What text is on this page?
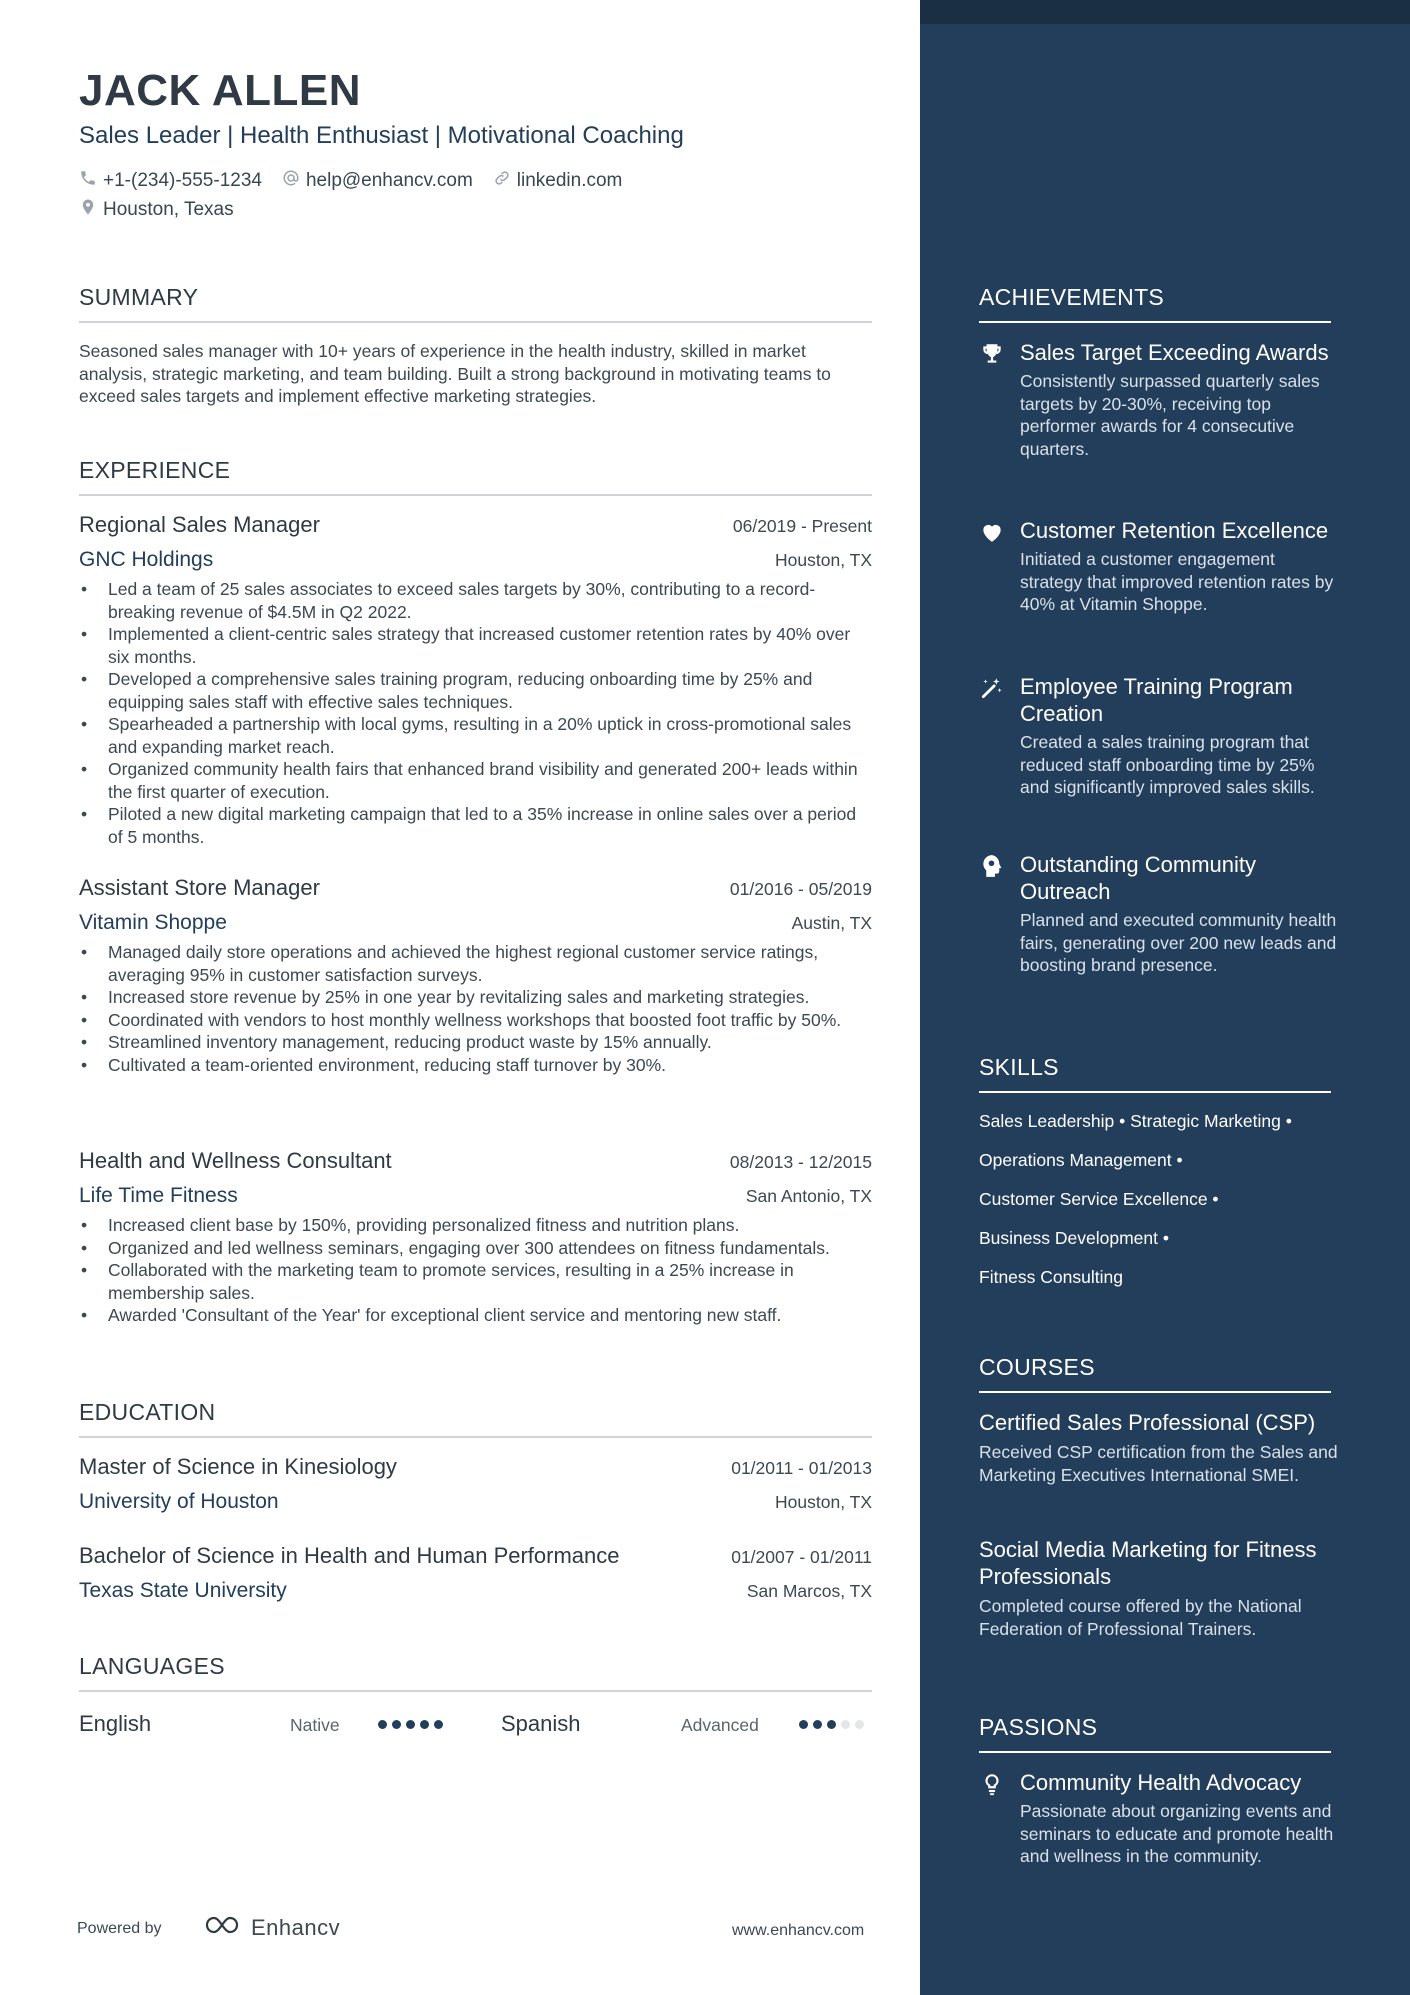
JACK ALLEN
Sales Leader | Health Enthusiast | Motivational Coaching
+1-(234)-555-1234 help@enhancv.com linkedin.com
Houston, Texas
SUMMARY
Seasoned sales manager with 10+ years of experience in the health industry, skilled in market analysis, strategic marketing, and team building. Built a strong background in motivating teams to exceed sales targets and implement effective marketing strategies.
EXPERIENCE
Regional Sales Manager	06/2019 - Present
GNC Holdings	Houston, TX
• Led a team of 25 sales associates to exceed sales targets by 30%, contributing to a record-breaking revenue of $4.5M in Q2 2022.
• Implemented a client-centric sales strategy that increased customer retention rates by 40% over six months.
• Developed a comprehensive sales training program, reducing onboarding time by 25% and equipping sales staff with effective sales techniques.
• Spearheaded a partnership with local gyms, resulting in a 20% uptick in cross-promotional sales and expanding market reach.
• Organized community health fairs that enhanced brand visibility and generated 200+ leads within the first quarter of execution.
• Piloted a new digital marketing campaign that led to a 35% increase in online sales over a period of 5 months.
Assistant Store Manager	01/2016 - 05/2019
Vitamin Shoppe	Austin, TX
• Managed daily store operations and achieved the highest regional customer service ratings, averaging 95% in customer satisfaction surveys.
• Increased store revenue by 25% in one year by revitalizing sales and marketing strategies.
• Coordinated with vendors to host monthly wellness workshops that boosted foot traffic by 50%.
• Streamlined inventory management, reducing product waste by 15% annually.
• Cultivated a team-oriented environment, reducing staff turnover by 30%.
Health and Wellness Consultant	08/2013 - 12/2015
Life Time Fitness	San Antonio, TX
• Increased client base by 150%, providing personalized fitness and nutrition plans.
• Organized and led wellness seminars, engaging over 300 attendees on fitness fundamentals.
• Collaborated with the marketing team to promote services, resulting in a 25% increase in membership sales.
• Awarded 'Consultant of the Year' for exceptional client service and mentoring new staff.
EDUCATION
Master of Science in Kinesiology	01/2011 - 01/2013
University of Houston	Houston, TX
Bachelor of Science in Health and Human Performance	01/2007 - 01/2011
Texas State University	San Marcos, TX
LANGUAGES
English	Native	Spanish	Advanced
Powered by	Enhancv	www.enhancv.com
ACHIEVEMENTS
Sales Target Exceeding Awards
Consistently surpassed quarterly sales targets by 20-30%, receiving top performer awards for 4 consecutive quarters.
Customer Retention Excellence
Initiated a customer engagement strategy that improved retention rates by 40% at Vitamin Shoppe.
Employee Training Program Creation
Created a sales training program that reduced staff onboarding time by 25% and significantly improved sales skills.
Outstanding Community Outreach
Planned and executed community health fairs, generating over 200 new leads and boosting brand presence.
SKILLS
Sales Leadership • Strategic Marketing •
Operations Management •
Customer Service Excellence •
Business Development •
Fitness Consulting
COURSES
Certified Sales Professional (CSP)
Received CSP certification from the Sales and Marketing Executives International SMEI.
Social Media Marketing for Fitness Professionals
Completed course offered by the National Federation of Professional Trainers.
PASSIONS
Community Health Advocacy
Passionate about organizing events and seminars to educate and promote health and wellness in the community.
